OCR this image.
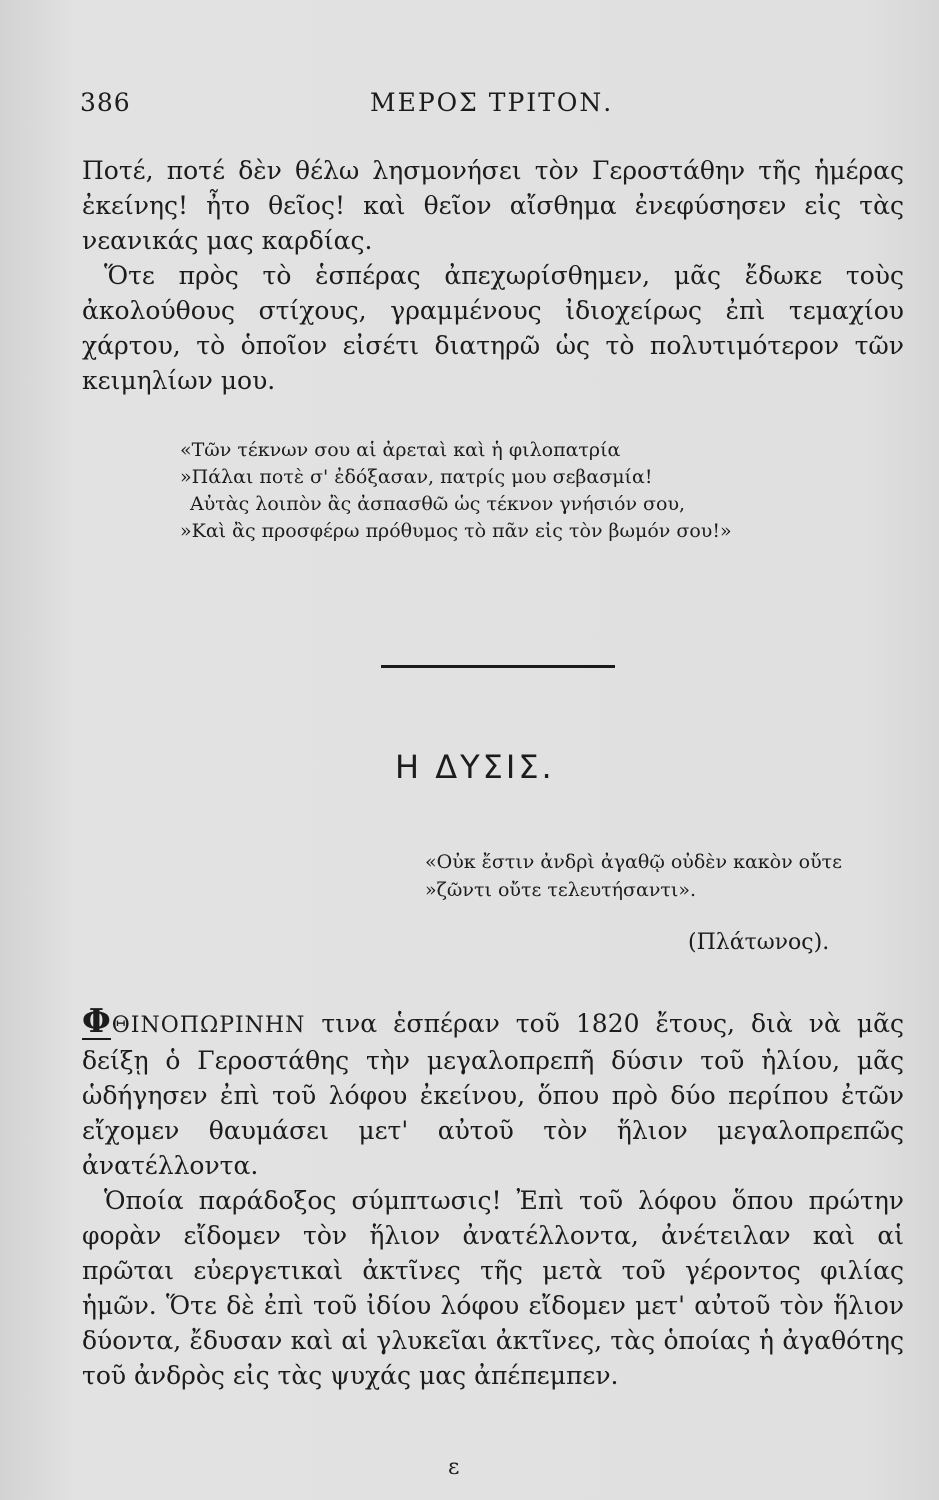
386	ΜΕΡΟΣ ΤΡΙΤΟΝ.

Ποτέ, ποτέ δὲν θέλω λησμονήσει τὸν Γεροστάθην τῆς ἡμέρας ἐκείνης! ἦτο θεῖος! καὶ θεῖον αἴσθημα ἐνεφύσησεν εἰς τὰς νεανικάς μας καρδίας.

Ὅτε πρὸς τὸ ἑσπέρας ἀπεχωρίσθημεν, μᾶς ἔδωκε τοὺς ἀκολούθους στίχους, γραμμένους ἰδιοχείρως ἐπὶ τεμαχίου χάρτου, τὸ ὁποῖον εἰσέτι διατηρῶ ὡς τὸ πολυτιμότερον τῶν κειμηλίων μου.

«Τῶν τέκνων σου αἱ ἀρεταὶ καὶ ἡ φιλοπατρία
»Πάλαι ποτὲ σ' ἐδόξασαν, πατρίς μου σεβασμία!
Αὐτὰς λοιπὸν ἂς ἀσπασθῶ ὡς τέκνον γνήσιόν σου,
»Καὶ ἂς προσφέρω πρόθυμος τὸ πᾶν εἰς τὸν βωμόν σου!»
Η ΔΥΣΙΣ.
«Οὐκ ἔστιν ἀνδρὶ ἀγαθῷ οὐδὲν κακὸν οὔτε
»ζῶντι οὔτε τελευτήσαντι».
(Πλάτωνος).

ΦΘΙΝΟΠΩΡΙΝΗΝ τινα ἑσπέραν τοῦ 1820 ἔτους, διὰ νὰ μᾶς δείξῃ ὁ Γεροστάθης τὴν μεγαλοπρεπῆ δύσιν τοῦ ἡλίου, μᾶς ὡδήγησεν ἐπὶ τοῦ λόφου ἐκείνου, ὅπου πρὸ δύο περίπου ἐτῶν εἴχομεν θαυμάσει μετ' αὐτοῦ τὸν ἥλιον μεγαλοπρεπῶς ἀνατέλλοντα.

Ὁποία παράδοξος σύμπτωσις! Ἐπὶ τοῦ λόφου ὅπου πρώτην φορὰν εἴδομεν τὸν ἥλιον ἀνατέλλοντα, ἀνέτειλαν καὶ αἱ πρῶται εὐεργετικαὶ ἀκτῖνες τῆς μετὰ τοῦ γέροντος φιλίας ἡμῶν. Ὅτε δὲ ἐπὶ τοῦ ἰδίου λόφου εἴδομεν μετ' αὐτοῦ τὸν ἥλιον δύοντα, ἔδυσαν καὶ αἱ γλυκεῖαι ἀκτῖνες, τὰς ὁποίας ἡ ἀγαθότης τοῦ ἀνδρὸς εἰς τὰς ψυχάς μας ἀπέπεμπεν.

ε
